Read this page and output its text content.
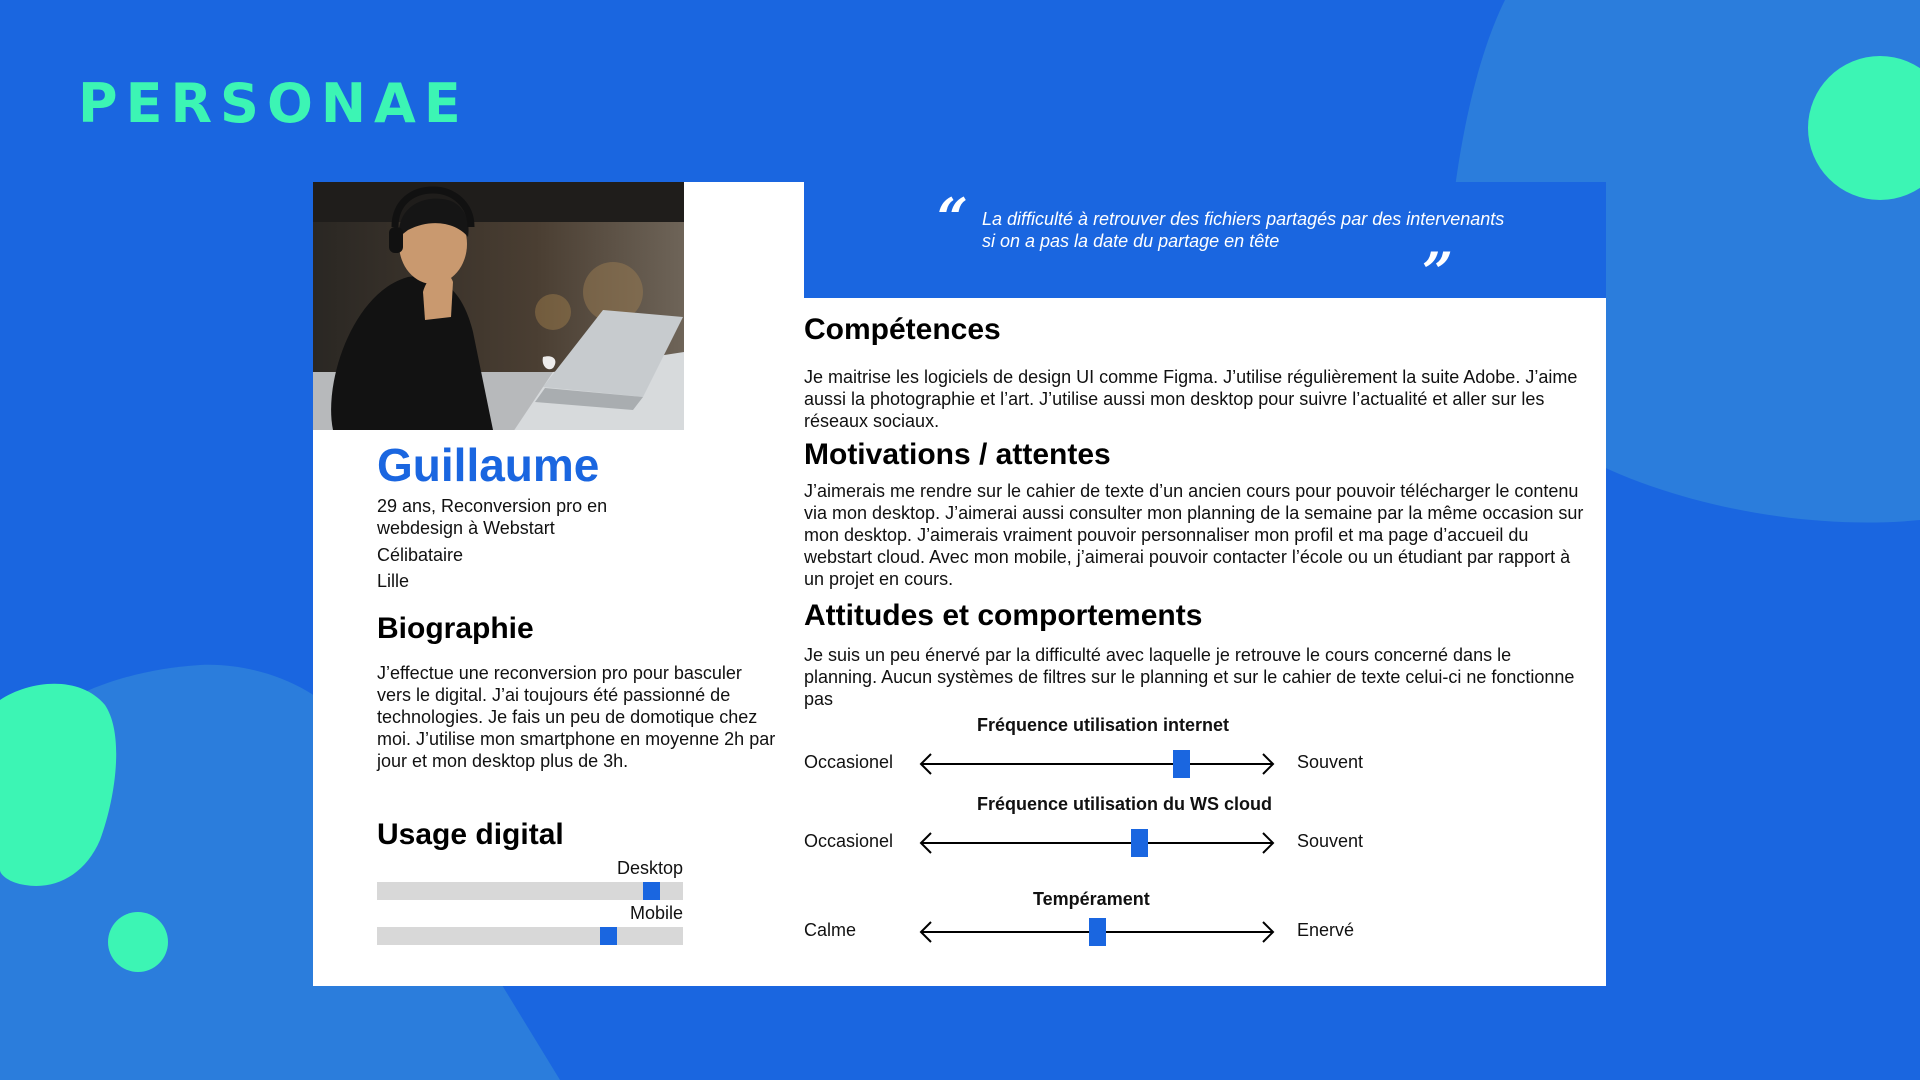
PERSONAE
“ La difficulté à retrouver des fichiers partagés par des intervenants si on a pas la date du partage en tête	”
Guillaume

29 ans, Reconversion pro en webdesign à Webstart

Célibataire

Lille

Biographie

J’effectue une reconversion pro pour basculer vers le digital. J’ai toujours été passionné de technologies. Je fais un peu de domotique chez moi. J’utilise mon smartphone en moyenne 2h par jour et mon desktop plus de 3h.

Usage digital
Desktop
Mobile
Compétences

Je maitrise les logiciels de design UI comme Figma. J’utilise régulièrement la suite Adobe. J’aime aussi la photographie et l’art. J’utilise aussi mon desktop pour suivre l’actualité et aller sur les réseaux sociaux.

Motivations / attentes

J’aimerais me rendre sur le cahier de texte d’un ancien cours pour pouvoir télécharger le contenu via mon desktop. J’aimerai aussi consulter mon planning de la semaine par la même occasion sur mon desktop. J’aimerais vraiment pouvoir personnaliser mon profil et ma page d’accueil du webstart cloud. Avec mon mobile, j’aimerai pouvoir contacter l’école ou un étudiant par rapport à un projet en cours.

Attitudes et comportements

Je suis un peu énervé par la difficulté avec laquelle je retrouve le cours concerné dans le planning. Aucun systèmes de filtres sur le planning et sur le cahier de texte celui-ci ne fonctionne pas

Fréquence utilisation internet
Occasionel	Souvent
Fréquence utilisation du WS cloud
Occasionel	Souvent
Tempérament
Calme	Enervé
